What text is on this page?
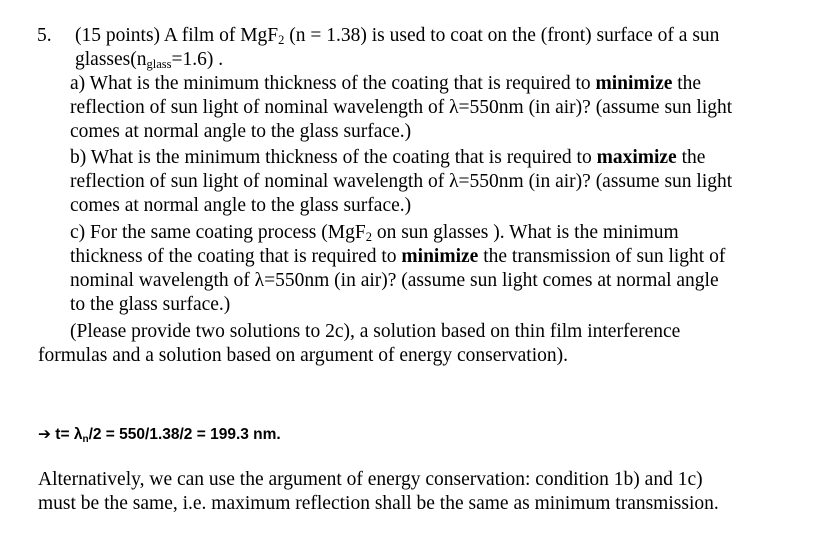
5. (15 points) A film of MgF$_2$ (n = 1.38) is used to coat on the (front) surface of a sun
$glasses(n_{glass}=1.6)$ .
a) What is the minimum thickness of the coating that is required to minimize the
reflection of sun light of nominal wavelength of λ=550nm (in air)? (assume sun light
comes at normal angle to the glass surface.)
b) What is the minimum thickness of the coating that is required to maximize the
reflection of sun light of nominal wavelength of λ=550nm (in air)? (assume sun light
comes at normal angle to the glass surface.)
c) For the same coating process (MgF$_2$ on sun glasses ). What is the minimum
thickness of the coating that is required to minimize the transmission of sun light of
nominal wavelength of λ=550nm (in air)? (assume sun light comes at normal angle
to the glass surface.)
(Please provide two solutions to 2c), a solution based on thin film interference
formulas and a solution based on argument of energy conservation).
➔ $t= \lambda_n/2 = 550/1.38/2 = 199.3$ nm.
Alternatively, we can use the argument of energy conservation: condition 1b) and 1c)
must be the same, i.e. maximum reflection shall be the same as minimum transmission.
